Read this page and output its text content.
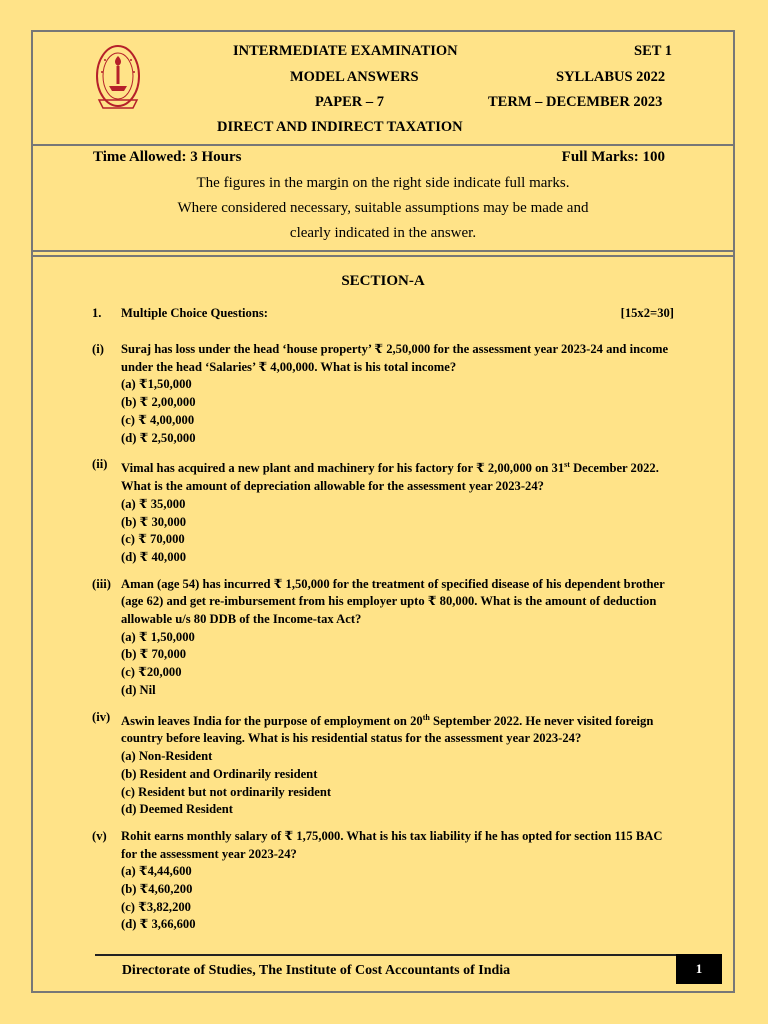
INTERMEDIATE EXAMINATION	SET 1
MODEL ANSWERS	SYLLABUS 2022
PAPER – 7	TERM – DECEMBER 2023
DIRECT AND INDIRECT TAXATION
Time Allowed: 3 Hours	Full Marks: 100
The figures in the margin on the right side indicate full marks.
Where considered necessary, suitable assumptions may be made and
clearly indicated in the answer.
SECTION-A
1. Multiple Choice Questions:	[15x2=30]
(i) Suraj has loss under the head ‘house property’ ₹ 2,50,000 for the assessment year 2023-24 and income under the head ‘Salaries’ ₹ 4,00,000. What is his total income?
(a) ₹1,50,000
(b) ₹ 2,00,000
(c) ₹ 4,00,000
(d) ₹ 2,50,000
(ii) Vimal has acquired a new plant and machinery for his factory for ₹ 2,00,000 on 31st December 2022. What is the amount of depreciation allowable for the assessment year 2023-24?
(a) ₹ 35,000
(b) ₹ 30,000
(c) ₹ 70,000
(d) ₹ 40,000
(iii) Aman (age 54) has incurred ₹ 1,50,000 for the treatment of specified disease of his dependent brother (age 62) and get re-imbursement from his employer upto ₹ 80,000. What is the amount of deduction allowable u/s 80 DDB of the Income-tax Act?
(a) ₹ 1,50,000
(b) ₹ 70,000
(c) ₹20,000
(d) Nil
(iv) Aswin leaves India for the purpose of employment on 20th September 2022. He never visited foreign country before leaving. What is his residential status for the assessment year 2023-24?
(a) Non-Resident
(b) Resident and Ordinarily resident
(c) Resident but not ordinarily resident
(d) Deemed Resident
(v) Rohit earns monthly salary of ₹ 1,75,000. What is his tax liability if he has opted for section 115 BAC for the assessment year 2023-24?
(a) ₹4,44,600
(b) ₹4,60,200
(c) ₹3,82,200
(d) ₹ 3,66,600
Directorate of Studies, The Institute of Cost Accountants of India	1
